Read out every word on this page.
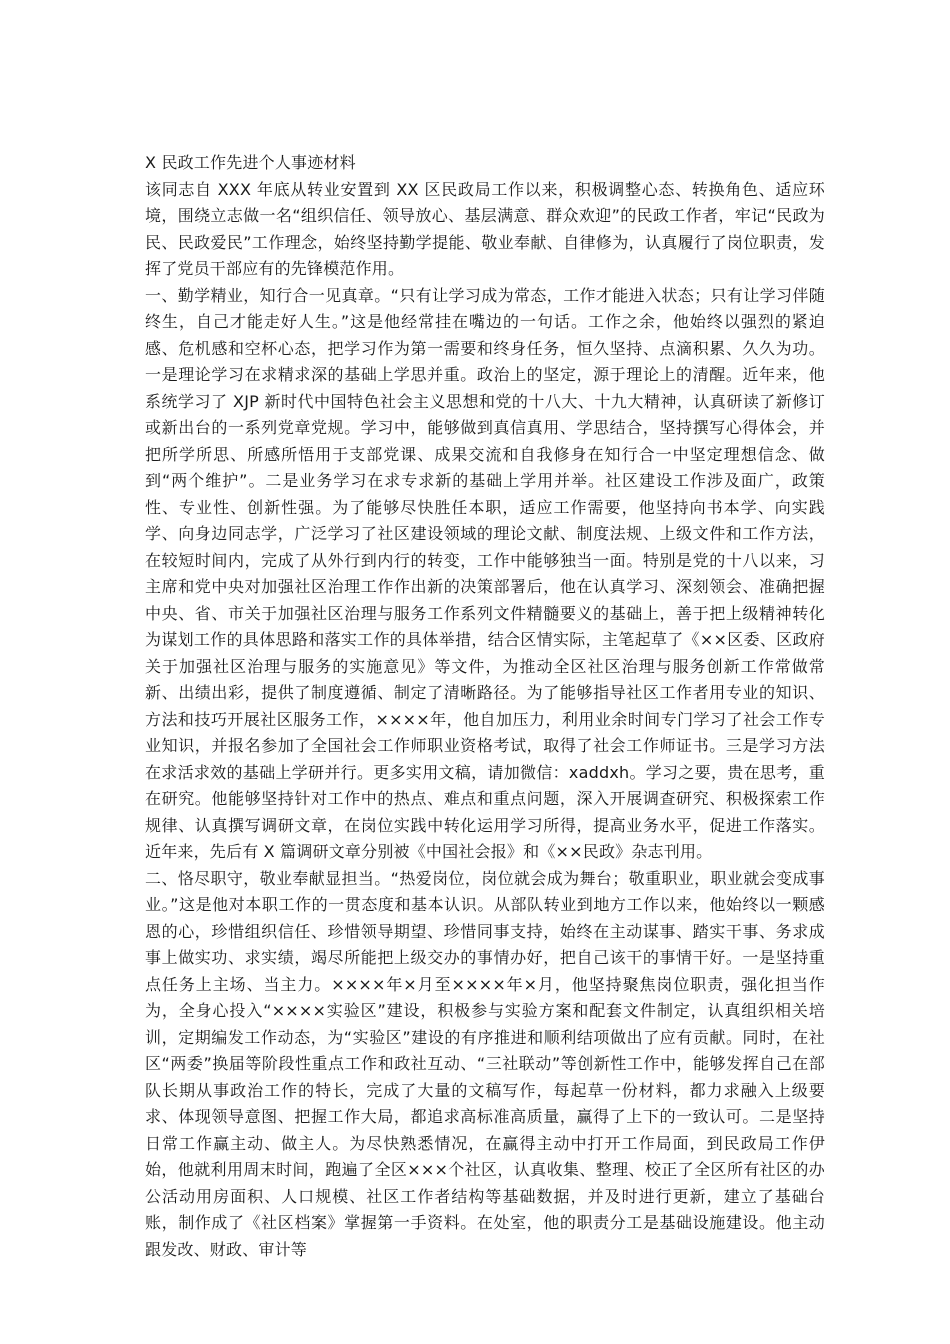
X 民政工作先进个人事迹材料

该同志自 XXX 年底从转业安置到 XX 区民政局工作以来，积极调整心态、转换角色、适应环境，围绕立志做一名“组织信任、领导放心、基层满意、群众欢迎”的民政工作者，牢记“民政为民、民政爱民”工作理念，始终坚持勤学提能、敬业奉献、自律修为，认真履行了岗位职责，发挥了党员干部应有的先锋模范作用。

一、勤学精业，知行合一见真章。“只有让学习成为常态，工作才能进入状态；只有让学习伴随终生，自己才能走好人生。”这是他经常挂在嘴边的一句话。工作之余，他始终以强烈的紧迫感、危机感和空杯心态，把学习作为第一需要和终身任务，恒久坚持、点滴积累、久久为功。一是理论学习在求精求深的基础上学思并重。政治上的坚定，源于理论上的清醒。近年来，他系统学习了 XJP 新时代中国特色社会主义思想和党的十八大、十九大精神，认真研读了新修订或新出台的一系列党章党规。学习中，能够做到真信真用、学思结合，坚持撰写心得体会，并把所学所思、所感所悟用于支部党课、成果交流和自我修身在知行合一中坚定理想信念、做到“两个维护”。二是业务学习在求专求新的基础上学用并举。社区建设工作涉及面广，政策性、专业性、创新性强。为了能够尽快胜任本职，适应工作需要，他坚持向书本学、向实践学、向身边同志学，广泛学习了社区建设领域的理论文献、制度法规、上级文件和工作方法，在较短时间内，完成了从外行到内行的转变，工作中能够独当一面。特别是党的十八以来，习主席和党中央对加强社区治理工作作出新的决策部署后，他在认真学习、深刻领会、准确把握中央、省、市关于加强社区治理与服务工作系列文件精髓要义的基础上，善于把上级精神转化为谋划工作的具体思路和落实工作的具体举措，结合区情实际，主笔起草了《××区委、区政府关于加强社区治理与服务的实施意见》等文件，为推动全区社区治理与服务创新工作常做常新、出绩出彩，提供了制度遵循、制定了清晰路径。为了能够指导社区工作者用专业的知识、方法和技巧开展社区服务工作，××××年，他自加压力，利用业余时间专门学习了社会工作专业知识，并报名参加了全国社会工作师职业资格考试，取得了社会工作师证书。三是学习方法在求活求效的基础上学研并行。更多实用文稿，请加微信：xaddxh。学习之要，贵在思考，重在研究。他能够坚持针对工作中的热点、难点和重点问题，深入开展调查研究、积极探索工作规律、认真撰写调研文章，在岗位实践中转化运用学习所得，提高业务水平，促进工作落实。近年来，先后有 X 篇调研文章分别被《中国社会报》和《××民政》杂志刊用。

二、恪尽职守，敬业奉献显担当。“热爱岗位，岗位就会成为舞台；敬重职业，职业就会变成事业。”这是他对本职工作的一贯态度和基本认识。从部队转业到地方工作以来，他始终以一颗感恩的心，珍惜组织信任、珍惜领导期望、珍惜同事支持，始终在主动谋事、踏实干事、务求成事上做实功、求实绩，竭尽所能把上级交办的事情办好，把自己该干的事情干好。一是坚持重点任务上主场、当主力。××××年×月至××××年×月，他坚持聚焦岗位职责，强化担当作为，全身心投入“××××实验区”建设，积极参与实验方案和配套文件制定，认真组织相关培训，定期编发工作动态，为“实验区”建设的有序推进和顺利结项做出了应有贡献。同时，在社区“两委”换届等阶段性重点工作和政社互动、“三社联动”等创新性工作中，能够发挥自己在部队长期从事政治工作的特长，完成了大量的文稿写作，每起草一份材料，都力求融入上级要求、体现领导意图、把握工作大局，都追求高标准高质量，赢得了上下的一致认可。二是坚持日常工作赢主动、做主人。为尽快熟悉情况，在赢得主动中打开工作局面，到民政局工作伊始，他就利用周末时间，跑遍了全区×××个社区，认真收集、整理、校正了全区所有社区的办公活动用房面积、人口规模、社区工作者结构等基础数据，并及时进行更新，建立了基础台账，制作成了《社区档案》掌握第一手资料。在处室，他的职责分工是基础设施建设。他主动跟发改、财政、审计等
